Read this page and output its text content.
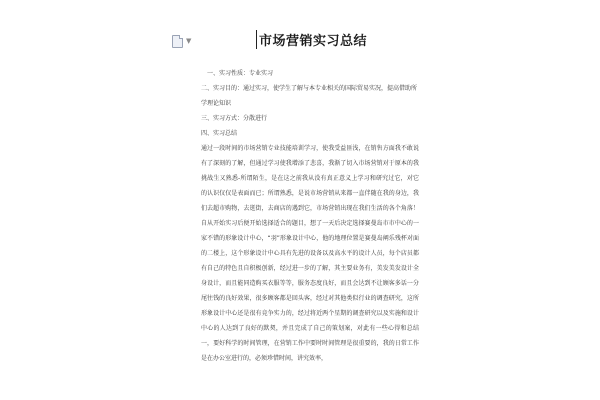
▼	市场营销实习总结

一、实习性质：专业实习

二、实习目的：通过实习，使学生了解与本专业相关的国际贸易实况，提高借助所学理论知识

三、实习方式：分散进行

四、实习总结

通过一段时间的市场营销专业技能培训学习，使我受益匪浅，在销售方面我不敢说有了深刻的了解，但通过学习使我增添了悲喜，我渐了切入市场营销对于原本的我挑战生又熟悉-所谓陌生，是在这之前我从没有真正意义上学习和研究过它，对它的认识仅仅是表面而已；所谓熟悉，是说市场营销从来都一直伴随在我的身边，我们去超市购物，去逛街，去商店的遇到它，市场营销出现在我们生活的各个角落！自从开始实习后便开始选择适合的题目，想了一天后决定选择赛曼岛市市中心的一家不错的形象设计中心，“羽”形象设计中心，他的地理位置是赛曼岛阐乐残杯对面的二楼上，这个形象设计中心具有先进的设备以及高水平的设计人员，每个店员都有自己的特色且自积极创新，经过进一步的了解，其主要业务有，美发美发设计全身设计，而且能同造购买衣服等等，服务态度良好，而且会达到不让顾客多话一分尾往钱的良好效果，很多顾客都是回头客，经过对其他类似行业的调查研究，这所形象设计中心还是很有竞争实力的，经过将近两个星期的调查研究以及实施和设计中心的人达到了良好的默契，并且完成了自己的策划案，对此有一些心得和总结一，要好科学的时间管理，在营销工作中要时时间管理是很重要的，我的日常工作是在办公室进行的，必须珍惜时间，讲究效率，
